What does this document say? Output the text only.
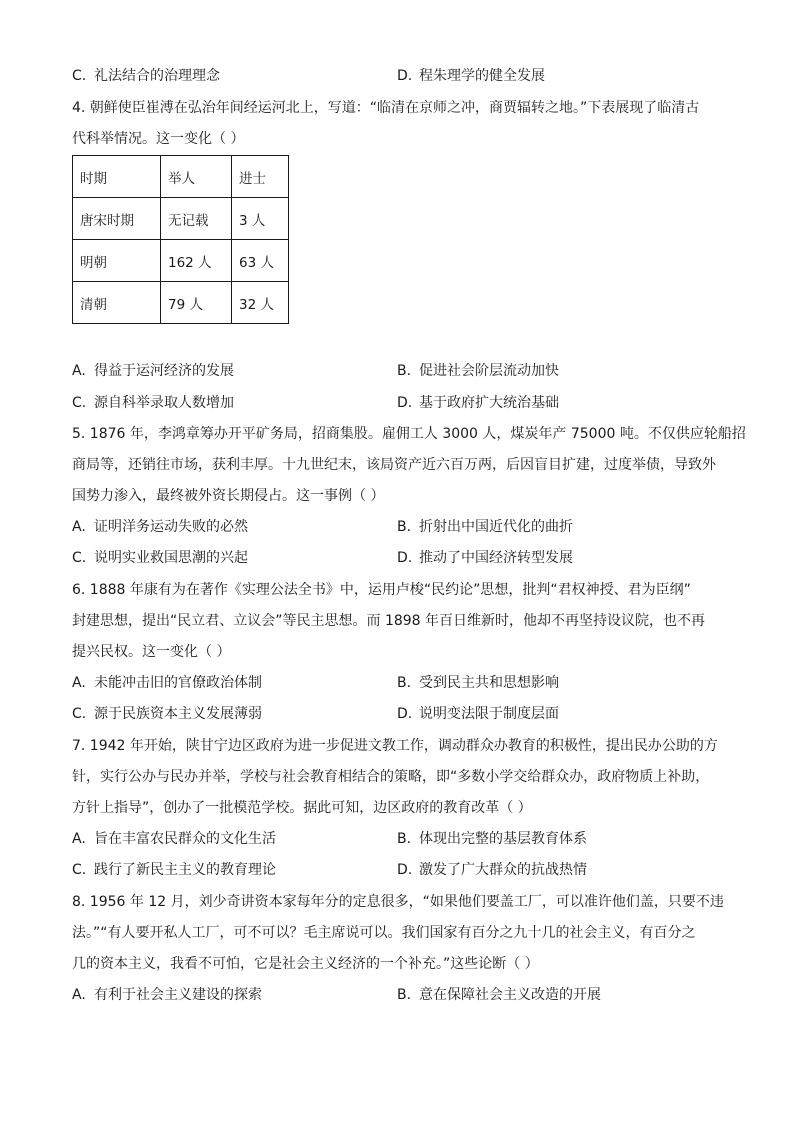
C. 礼法结合的治理理念	D. 程朱理学的健全发展
4. 朝鲜使臣崔溥在弘治年间经运河北上，写道：“临清在京师之冲，商贾辐转之地。”下表展现了临清古
代科举情况。这一变化（ ）
时期	举人	进士
唐宋时期	无记载	3 人
明朝	162 人	63 人
清朝	79 人	32 人
A. 得益于运河经济的发展	B. 促进社会阶层流动加快
C. 源自科举录取人数增加	D. 基于政府扩大统治基础
5. 1876 年，李鸿章筹办开平矿务局，招商集股。雇佣工人 3000 人，煤炭年产 75000 吨。不仅供应轮船招
商局等，还销往市场，获利丰厚。十九世纪末，该局资产近六百万两，后因盲目扩建，过度举债，导致外
国势力渗入，最终被外资长期侵占。这一事例（ ）
A. 证明洋务运动失败的必然	B. 折射出中国近代化的曲折
C. 说明实业救国思潮的兴起	D. 推动了中国经济转型发展
6. 1888 年康有为在著作《实理公法全书》中，运用卢梭“民约论”思想，批判“君权神授、君为臣纲”
封建思想，提出“民立君、立议会”等民主思想。而 1898 年百日维新时，他却不再坚持设议院，也不再
提兴民权。这一变化（ ）
A. 未能冲击旧的官僚政治体制	B. 受到民主共和思想影响
C. 源于民族资本主义发展薄弱	D. 说明变法限于制度层面
7. 1942 年开始，陕甘宁边区政府为进一步促进文教工作，调动群众办教育的积极性，提出民办公助的方
针，实行公办与民办并举，学校与社会教育相结合的策略，即“多数小学交给群众办，政府物质上补助，
方针上指导”，创办了一批模范学校。据此可知，边区政府的教育改革（ ）
A. 旨在丰富农民群众的文化生活	B. 体现出完整的基层教育体系
C. 践行了新民主主义的教育理论	D. 激发了广大群众的抗战热情
8. 1956 年 12 月，刘少奇讲资本家每年分的定息很多，“如果他们要盖工厂，可以准许他们盖，只要不违
法。”“有人要开私人工厂，可不可以？毛主席说可以。我们国家有百分之九十几的社会主义，有百分之
几的资本主义，我看不可怕，它是社会主义经济的一个补充。”这些论断（ ）
A. 有利于社会主义建设的探索	B. 意在保障社会主义改造的开展
